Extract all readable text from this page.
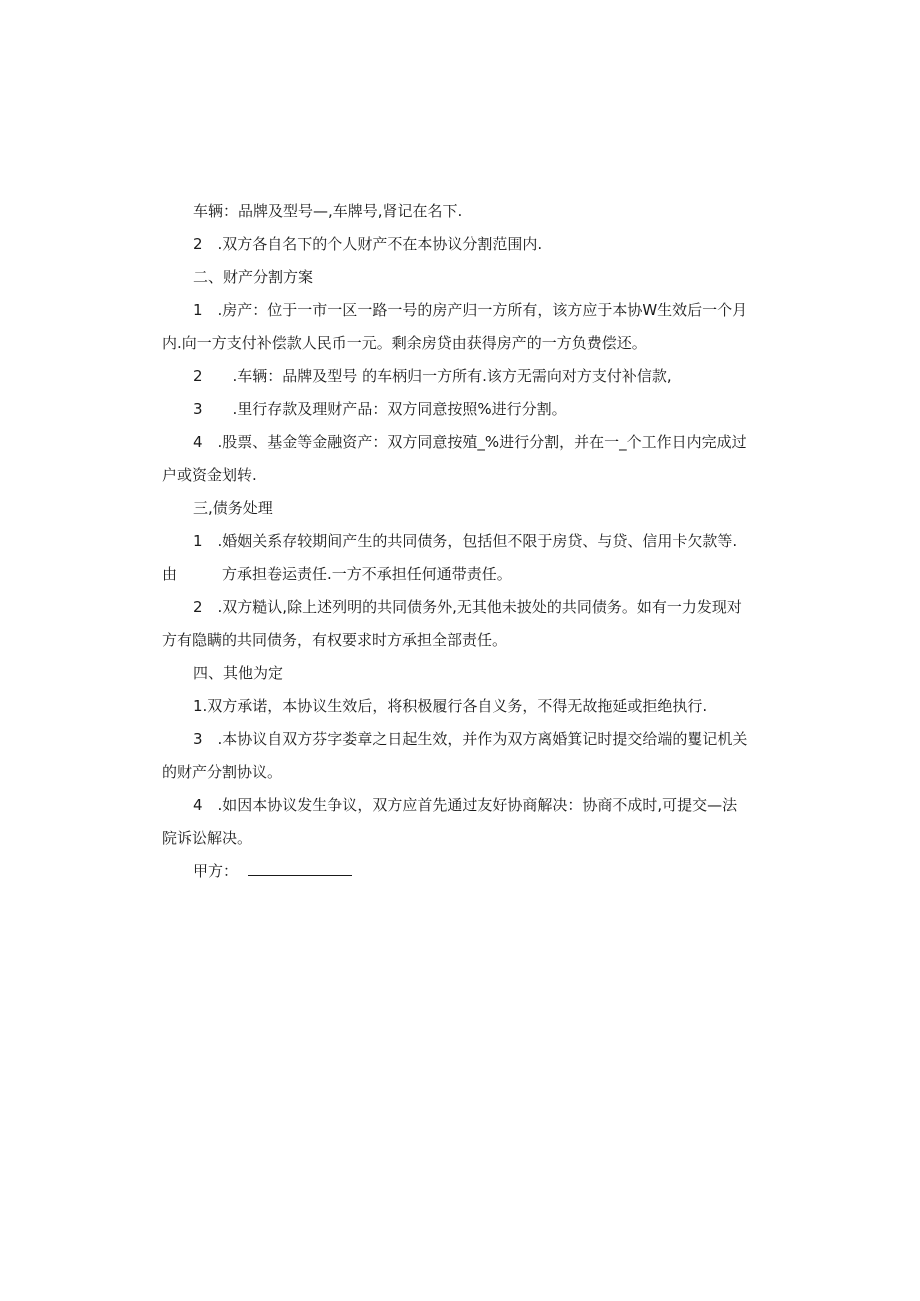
车辆：品牌及型号—,车牌号,肾记在名下.
2　.双方各自名下的个人财产不在本协议分割范围内.
二、财产分割方案
1　.房产：位于一市一区一路一号的房产归一方所有，该方应于本协W生效后一个月
内.向一方支付补偿款人民币一元。剩余房贷由获得房产的一方负费偿还。
2　　.车辆：品牌及型号 的车柄归一方所有.该方无需向对方支付补信款,
3　　.里行存款及理财产品：双方同意按照%进行分割。
4　.股票、基金等金融资产：双方同意按殖_%进行分割，并在一_个工作日内完成过
户或资金划转.
三,债务处理
1　.婚姻关系存较期间产生的共同债务，包括但不限于房贷、与贷、信用卡欠款等.
由　　　方承担卷运责任.一方不承担任何通带责任。
2　.双方糙认,除上述列明的共同债务外,无其他未披处的共同债务。如有一力发现对
方有隐瞒的共同债务，有权要求时方承担全部责任。
四、其他为定
1.双方承诺，本协议生效后，将积极履行各自义务，不得无故拖延或拒绝执行.
3　.本协议自双方芬字娄章之日起生效，并作为双方离婚箕记时提交给端的矍记机关
的财产分割协议。
4　.如因本协议发生争议，双方应首先通过友好协商解决：协商不成时,可提交—法
院诉讼解决。
甲方：
